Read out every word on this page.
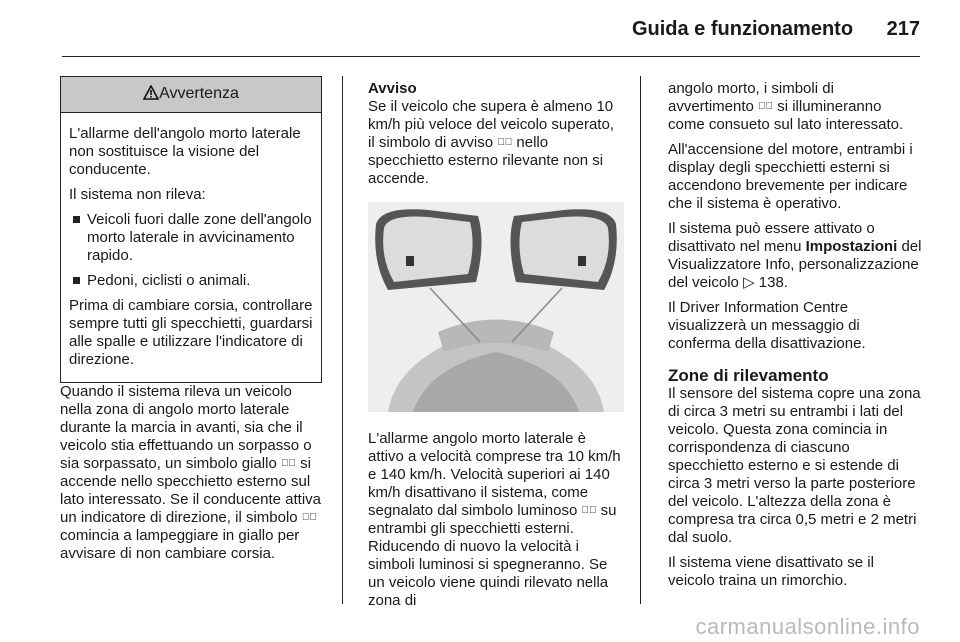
Guida e funzionamento 217
Avvertenza

L'allarme dell'angolo morto laterale non sostituisce la visione del conducente.

Il sistema non rileva:

Veicoli fuori dalle zone dell'angolo morto laterale in avvicinamento rapido.
Pedoni, ciclisti o animali.

Prima di cambiare corsia, controllare sempre tutti gli specchietti, guardarsi alle spalle e utilizzare l'indicatore di direzione.

Quando il sistema rileva un veicolo nella zona di angolo morto laterale durante la marcia in avanti, sia che il veicolo stia effettuando un sorpasso o sia sorpassato, un simbolo giallo ▞⃞ si accende nello specchietto esterno sul lato interessato. Se il conducente attiva un indicatore di direzione, il simbolo ▞⃞ comincia a lampeggiare in giallo per avvisare di non cambiare corsia.

Avviso
Se il veicolo che supera è almeno 10 km/h più veloce del veicolo superato, il simbolo di avviso ▞⃞ nello specchietto esterno rilevante non si accende.

L'allarme angolo morto laterale è attivo a velocità comprese tra 10 km/h e 140 km/h. Velocità superiori ai 140 km/h disattivano il sistema, come segnalato dal simbolo luminoso ▞⃞ su entrambi gli specchietti esterni. Riducendo di nuovo la velocità i simboli luminosi si spegneranno. Se un veicolo viene quindi rilevato nella zona di

angolo morto, i simboli di avvertimento ▞⃞ si illumineranno come consueto sul lato interessato.

All'accensione del motore, entrambi i display degli specchietti esterni si accendono brevemente per indicare che il sistema è operativo.

Il sistema può essere attivato o disattivato nel menu Impostazioni del Visualizzatore Info, personalizzazione del veicolo ▷ 138.

Il Driver Information Centre visualizzerà un messaggio di conferma della disattivazione.

Zone di rilevamento

Il sensore del sistema copre una zona di circa 3 metri su entrambi i lati del veicolo. Questa zona comincia in corrispondenza di ciascuno specchietto esterno e si estende di circa 3 metri verso la parte posteriore del veicolo. L'altezza della zona è compresa tra circa 0,5 metri e 2 metri dal suolo.

Il sistema viene disattivato se il veicolo traina un rimorchio.

carmanualsonline.info
